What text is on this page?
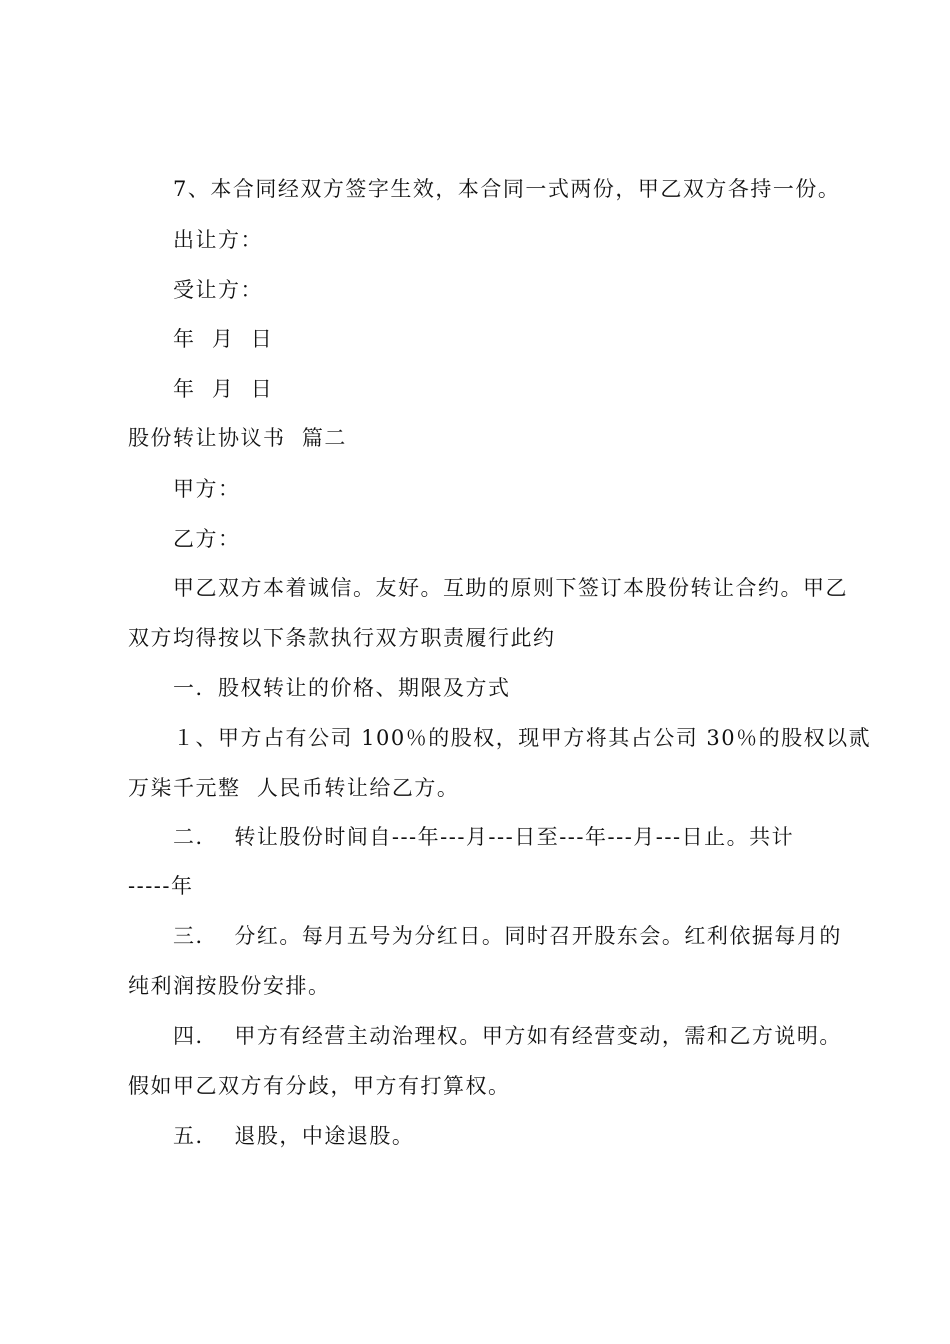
7、本合同经双方签字生效，本合同一式两份，甲乙双方各持一份。
出让方：
受让方：
年  月  日
年  月  日
股份转让协议书  篇二
甲方：
乙方：
甲乙双方本着诚信。友好。互助的原则下签订本股份转让合约。甲乙
双方均得按以下条款执行双方职责履行此约
一．股权转让的价格、期限及方式
１、甲方占有公司 100％的股权，现甲方将其占公司 30％的股权以贰
万柒千元整  人民币转让给乙方。
二．  转让股份时间自---年---月---日至---年---月---日止。共计
-----年
三．  分红。每月五号为分红日。同时召开股东会。红利依据每月的
纯利润按股份安排。
四．  甲方有经营主动治理权。甲方如有经营变动，需和乙方说明。
假如甲乙双方有分歧，甲方有打算权。
五．  退股，中途退股。
